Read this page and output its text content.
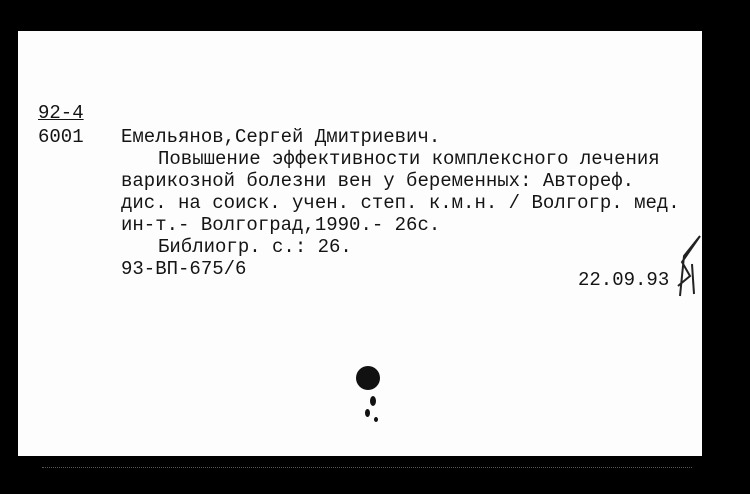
92-4
6001 Емельянов,Сергей Дмитриевич.
Повышение эффективности комплексного лечения
варикозной болезни вен у беременных: Автореф.
дис. на соиск. учен. степ. к.м.н. / Волгогр. мед.
ин-т.- Волгоград,1990.- 26с.
Библиогр. с.: 26.
93-ВП-675/6	22.09.93
